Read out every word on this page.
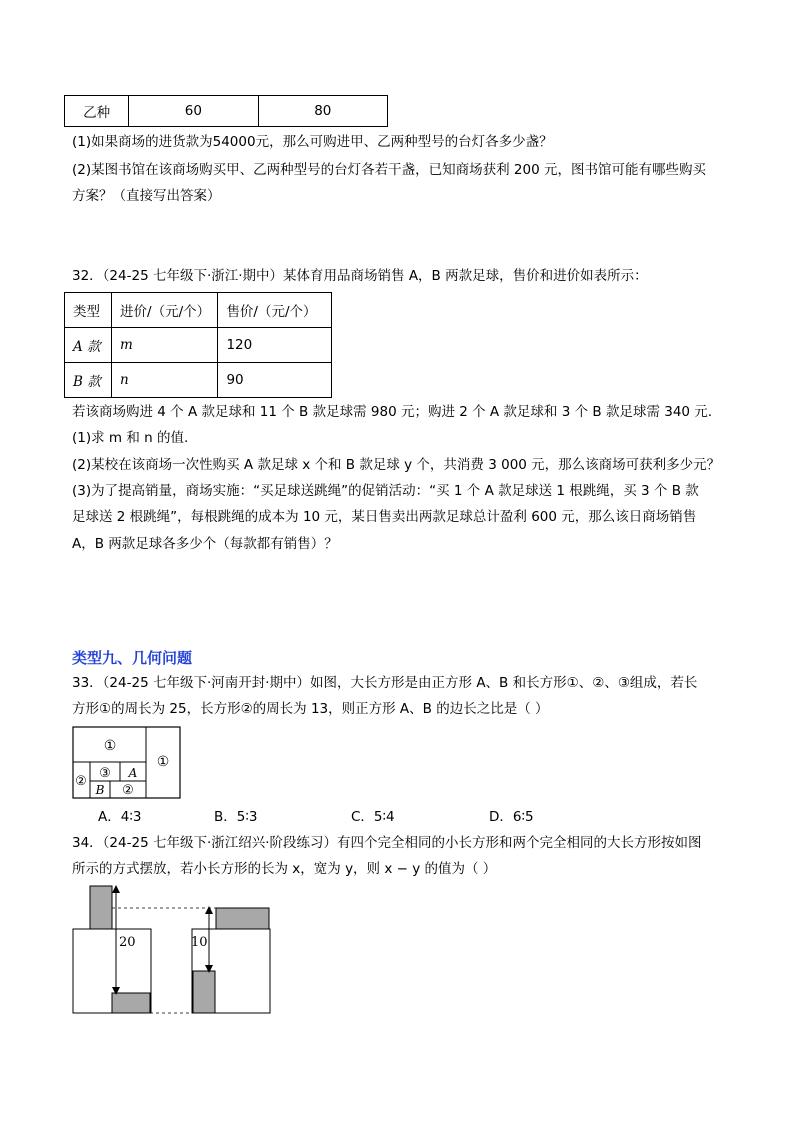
乙种	60	80
(1)如果商场的进货款为54000元，那么可购进甲、乙两种型号的台灯各多少盏？
(2)某图书馆在该商场购买甲、乙两种型号的台灯各若干盏，已知商场获利 200 元，图书馆可能有哪些购买
方案？（直接写出答案）
32．（24-25 七年级下·浙江·期中）某体育用品商场销售 A，B 两款足球，售价和进价如表所示：
类型	进价/（元/个）	售价/（元/个）
A 款	m	120
B 款	n	90
若该商场购进 4 个 A 款足球和 11 个 B 款足球需 980 元；购进 2 个 A 款足球和 3 个 B 款足球需 340 元.
(1)求 m 和 n 的值.
(2)某校在该商场一次性购买 A 款足球 x 个和 B 款足球 y 个，共消费 3 000 元，那么该商场可获利多少元？
(3)为了提高销量，商场实施：“买足球送跳绳”的促销活动：“买 1 个 A 款足球送 1 根跳绳，买 3 个 B 款
足球送 2 根跳绳”，每根跳绳的成本为 10 元，某日售卖出两款足球总计盈利 600 元，那么该日商场销售
A，B 两款足球各多少个（每款都有销售）？
类型九、几何问题
33．（24-25 七年级下·河南开封·期中）如图，大长方形是由正方形 A、B 和长方形①、②、③组成，若长
方形①的周长为 25，长方形②的周长为 13，则正方形 A、B 的边长之比是（ ）
①
①
②
③ A
B ②
A．4∶3	B．5∶3	C．5∶4	D．6∶5
34．（24-25 七年级下·浙江绍兴·阶段练习）有四个完全相同的小长方形和两个完全相同的大长方形按如图
所示的方式摆放，若小长方形的长为 x，宽为 y，则 x − y 的值为（ ）
20	10
